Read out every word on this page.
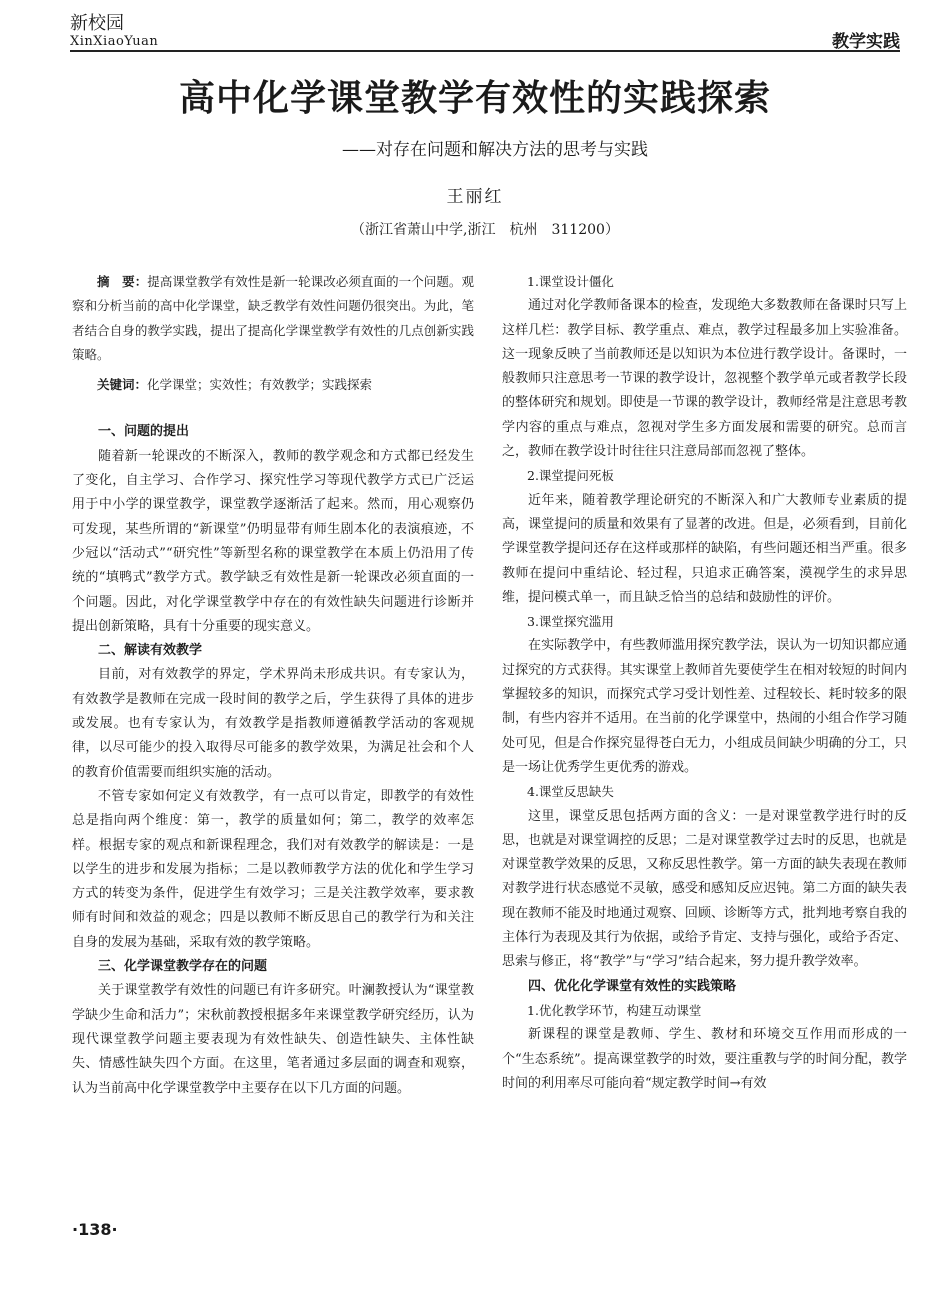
新校园
XinXiaoYuan	教学实践
高中化学课堂教学有效性的实践探索
——对存在问题和解决方法的思考与实践
王丽红
（浙江省萧山中学,浙江　杭州　311200）

摘　要：提高课堂教学有效性是新一轮课改必须直面的一个问题。观察和分析当前的高中化学课堂，缺乏教学有效性问题仍很突出。为此，笔者结合自身的教学实践，提出了提高化学课堂教学有效性的几点创新实践策略。

关键词：化学课堂；实效性；有效教学；实践探索

一、问题的提出

随着新一轮课改的不断深入，教师的教学观念和方式都已经发生了变化，自主学习、合作学习、探究性学习等现代教学方式已广泛运用于中小学的课堂教学，课堂教学逐渐活了起来。然而，用心观察仍可发现，某些所谓的“新课堂”仍明显带有师生剧本化的表演痕迹，不少冠以“活动式”“研究性”等新型名称的课堂教学在本质上仍沿用了传统的“填鸭式”教学方式。教学缺乏有效性是新一轮课改必须直面的一个问题。因此，对化学课堂教学中存在的有效性缺失问题进行诊断并提出创新策略，具有十分重要的现实意义。

二、解读有效教学

目前，对有效教学的界定，学术界尚未形成共识。有专家认为，有效教学是教师在完成一段时间的教学之后，学生获得了具体的进步或发展。也有专家认为，有效教学是指教师遵循教学活动的客观规律，以尽可能少的投入取得尽可能多的教学效果，为满足社会和个人的教育价值需要而组织实施的活动。

不管专家如何定义有效教学，有一点可以肯定，即教学的有效性总是指向两个维度：第一，教学的质量如何；第二，教学的效率怎样。根据专家的观点和新课程理念，我们对有效教学的解读是：一是以学生的进步和发展为指标；二是以教师教学方法的优化和学生学习方式的转变为条件，促进学生有效学习；三是关注教学效率，要求教师有时间和效益的观念；四是以教师不断反思自己的教学行为和关注自身的发展为基础，采取有效的教学策略。

三、化学课堂教学存在的问题

关于课堂教学有效性的问题已有许多研究。叶澜教授认为“课堂教学缺少生命和活力”；宋秋前教授根据多年来课堂教学研究经历，认为现代课堂教学问题主要表现为有效性缺失、创造性缺失、主体性缺失、情感性缺失四个方面。在这里，笔者通过多层面的调查和观察，认为当前高中化学课堂教学中主要存在以下几方面的问题。

1.课堂设计僵化

通过对化学教师备课本的检查，发现绝大多数教师在备课时只写上这样几栏：教学目标、教学重点、难点，教学过程最多加上实验准备。这一现象反映了当前教师还是以知识为本位进行教学设计。备课时，一般教师只注意思考一节课的教学设计，忽视整个教学单元或者教学长段的整体研究和规划。即使是一节课的教学设计，教师经常是注意思考教学内容的重点与难点，忽视对学生多方面发展和需要的研究。总而言之，教师在教学设计时往往只注意局部而忽视了整体。

2.课堂提问死板

近年来，随着教学理论研究的不断深入和广大教师专业素质的提高，课堂提问的质量和效果有了显著的改进。但是，必须看到，目前化学课堂教学提问还存在这样或那样的缺陷，有些问题还相当严重。很多教师在提问中重结论、轻过程，只追求正确答案，漠视学生的求异思维，提问模式单一，而且缺乏恰当的总结和鼓励性的评价。

3.课堂探究滥用

在实际教学中，有些教师滥用探究教学法，误认为一切知识都应通过探究的方式获得。其实课堂上教师首先要使学生在相对较短的时间内掌握较多的知识，而探究式学习受计划性差、过程较长、耗时较多的限制，有些内容并不适用。在当前的化学课堂中，热闹的小组合作学习随处可见，但是合作探究显得苍白无力，小组成员间缺少明确的分工，只是一场让优秀学生更优秀的游戏。

4.课堂反思缺失

这里，课堂反思包括两方面的含义：一是对课堂教学进行时的反思，也就是对课堂调控的反思；二是对课堂教学过去时的反思，也就是对课堂教学效果的反思，又称反思性教学。第一方面的缺失表现在教师对教学进行状态感觉不灵敏，感受和感知反应迟钝。第二方面的缺失表现在教师不能及时地通过观察、回顾、诊断等方式，批判地考察自我的主体行为表现及其行为依据，或给予肯定、支持与强化，或给予否定、思索与修正，将“教学”与“学习”结合起来，努力提升教学效率。

四、优化化学课堂有效性的实践策略

1.优化教学环节，构建互动课堂

新课程的课堂是教师、学生、教材和环境交互作用而形成的一个“生态系统”。提高课堂教学的时效，要注重教与学的时间分配，教学时间的利用率尽可能向着“规定教学时间→有效

·138·
